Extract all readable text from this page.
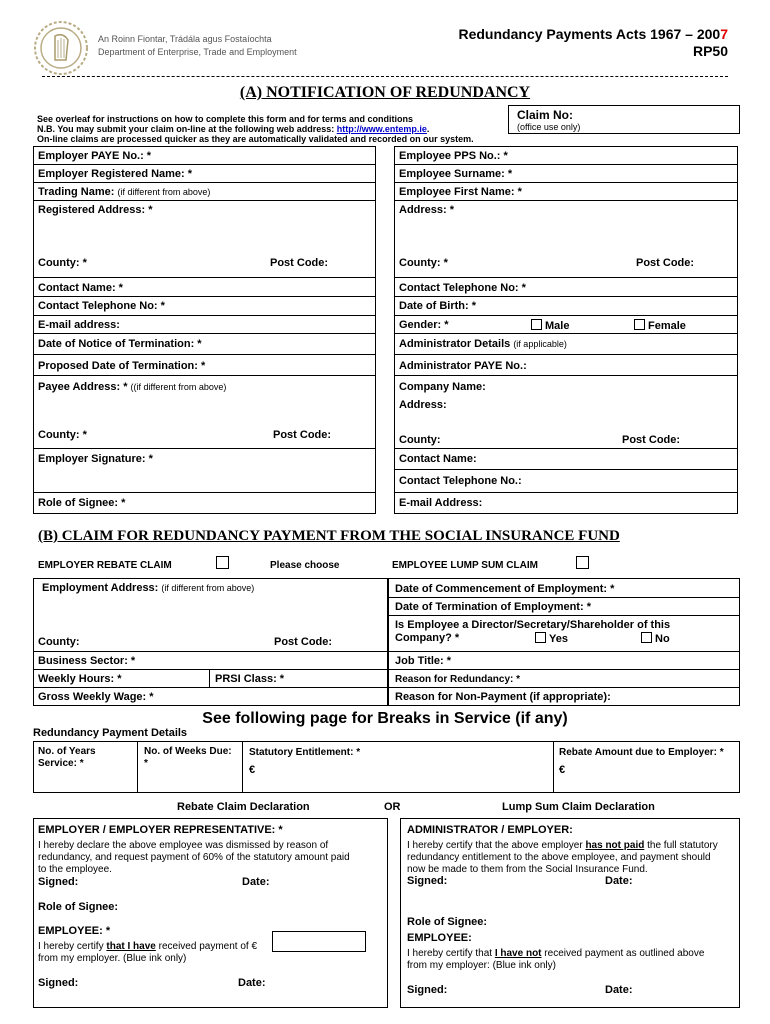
An Roinn Fiontar, Trádála agus Fostaíochta
Department of Enterprise, Trade and Employment
Redundancy Payments Acts 1967 – 2007
RP50
(A) NOTIFICATION OF REDUNDANCY
See overleaf for instructions on how to complete this form and for terms and conditions
N.B. You may submit your claim on-line at the following web address: http://www.entemp.ie.
On-line claims are processed quicker as they are automatically validated and recorded on our system.
Claim No:
(office use only)
Employer PAYE No.: *
Employer Registered Name: *
Trading Name: (if different from above)
Registered Address: *
County: *	Post Code:
Contact Name: *
Contact Telephone No: *
E-mail address:
Date of Notice of Termination: *
Proposed Date of Termination: *
Payee Address: * ((if different from above)
County: *	Post Code:
Employer Signature: *
Role of Signee: *
Employee PPS No.: *
Employee Surname: *
Employee First Name: *
Address: *
County: *	Post Code:
Contact Telephone No: *
Date of Birth: *
Gender: *	Male	Female
Administrator Details (if applicable)
Administrator PAYE No.:
Company Name:
Address:
County:	Post Code:
Contact Name:
Contact Telephone No.:
E-mail Address:
(B) CLAIM FOR REDUNDANCY PAYMENT FROM THE SOCIAL INSURANCE FUND
EMPLOYER REBATE CLAIM	Please choose	EMPLOYEE LUMP SUM CLAIM
Employment Address: (if different from above)
County:	Post Code:
Business Sector: *
Weekly Hours: *	PRSI Class: *
Gross Weekly Wage: *
Date of Commencement of Employment: *
Date of Termination of Employment: *
Is Employee a Director/Secretary/Shareholder of this
Company? *	Yes	No
Job Title: *
Reason for Redundancy: *
Reason for Non-Payment (if appropriate):
See following page for Breaks in Service (if any)
Redundancy Payment Details
No. of Years
Service: *
No. of Weeks Due:
*
Statutory Entitlement: *
€
Rebate Amount due to Employer: *
€
Rebate Claim Declaration	OR	Lump Sum Claim Declaration
EMPLOYER / EMPLOYER REPRESENTATIVE: *
I hereby declare the above employee was dismissed by reason of
redundancy, and request payment of 60% of the statutory amount paid
to the employee.
Signed:	Date:
Role of Signee:
EMPLOYEE: *
I hereby certify that I have received payment of €
from my employer. (Blue ink only)
Signed:	Date:
ADMINISTRATOR / EMPLOYER:
I hereby certify that the above employer has not paid the full statutory
redundancy entitlement to the above employee, and payment should
now be made to them from the Social Insurance Fund.
Signed:	Date:
Role of Signee:
EMPLOYEE:
I hereby certify that I have not received payment as outlined above
from my employer: (Blue ink only)
Signed:	Date:
